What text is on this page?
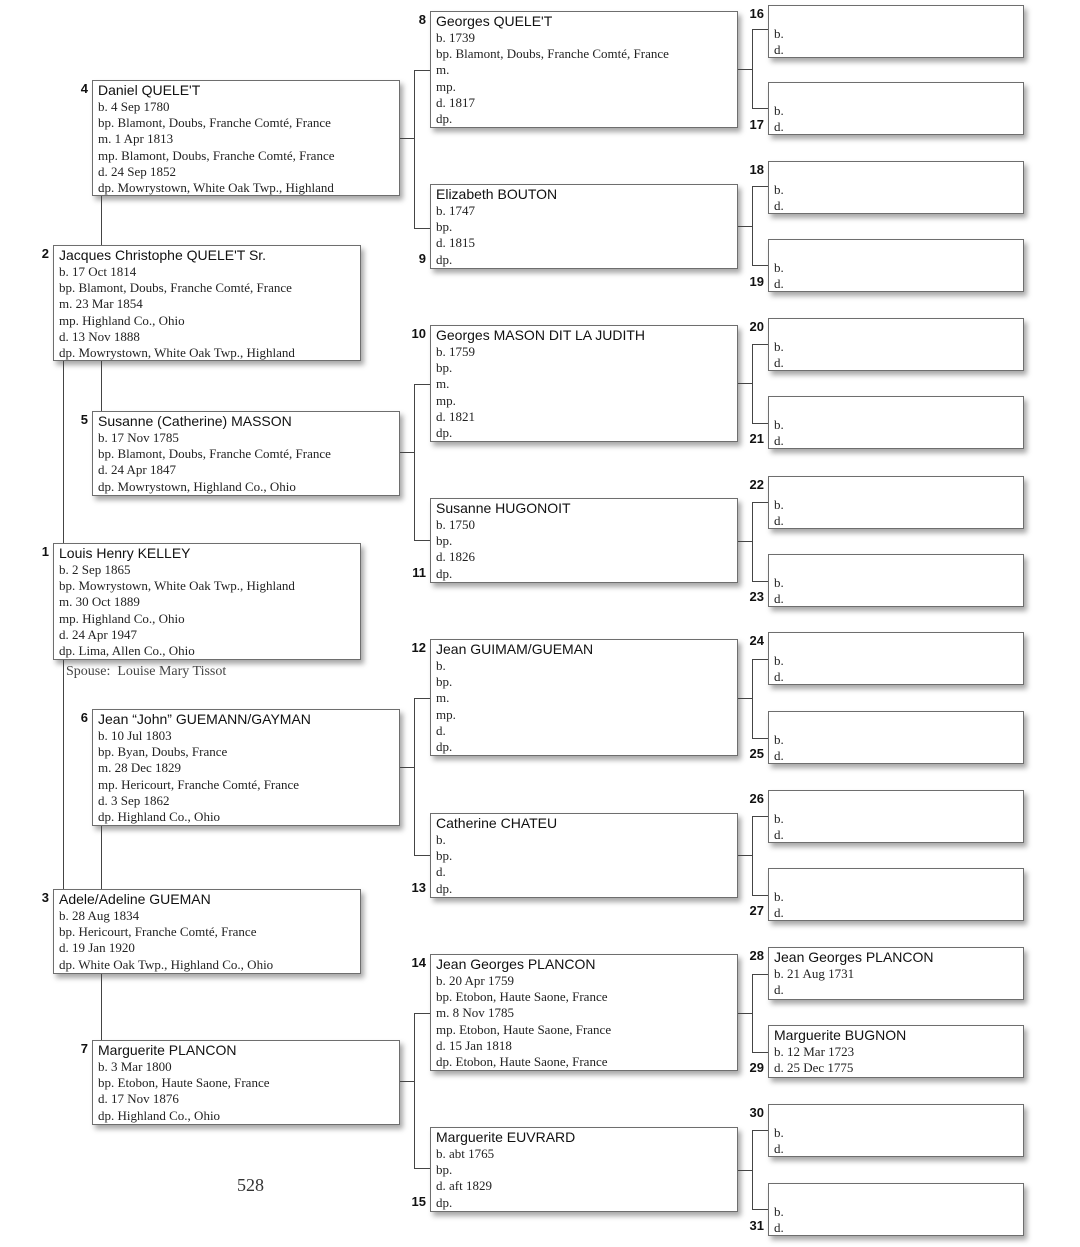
Louis Henry KELLEY
b. 2 Sep 1865
bp. Mowrystown, White Oak Twp., Highland
m. 30 Oct 1889
mp. Highland Co., Ohio
d. 24 Apr 1947
dp. Lima, Allen Co., Ohio
1
Jacques Christophe QUELE'T Sr.
b. 17 Oct 1814
bp. Blamont, Doubs, Franche Comté, France
m. 23 Mar 1854
mp. Highland Co., Ohio
d. 13 Nov 1888
dp. Mowrystown, White Oak Twp., Highland
2
Adele/Adeline GUEMAN
b. 28 Aug 1834
bp. Hericourt, Franche Comté, France
d. 19 Jan 1920
dp. White Oak Twp., Highland Co., Ohio
3
Daniel QUELE'T
b. 4 Sep 1780
bp. Blamont, Doubs, Franche Comté, France
m. 1 Apr 1813
mp. Blamont, Doubs, Franche Comté, France
d. 24 Sep 1852
dp. Mowrystown, White Oak Twp., Highland
4
Susanne (Catherine) MASSON
b. 17 Nov 1785
bp. Blamont, Doubs, Franche Comté, France
d. 24 Apr 1847
dp. Mowrystown, Highland Co., Ohio
5
Jean “John” GUEMANN/GAYMAN
b. 10 Jul 1803
bp. Byan, Doubs, France
m. 28 Dec 1829
mp. Hericourt, Franche Comté, France
d. 3 Sep 1862
dp. Highland Co., Ohio
6
Marguerite PLANCON
b. 3 Mar 1800
bp. Etobon, Haute Saone, France
d. 17 Nov 1876
dp. Highland Co., Ohio
7
Georges QUELE'T
b. 1739
bp. Blamont, Doubs, Franche Comté, France
m.
mp.
d. 1817
dp.
8
Elizabeth BOUTON
b. 1747
bp.
d. 1815
dp.
9
Georges MASON DIT LA JUDITH
b. 1759
bp.
m.
mp.
d. 1821
dp.
10
Susanne HUGONOIT
b. 1750
bp.
d. 1826
dp.
11
Jean GUIMAM/GUEMAN
b.
bp.
m.
mp.
d.
dp.
12
Catherine CHATEU
b.
bp.
d.
dp.
13
Jean Georges PLANCON
b. 20 Apr 1759
bp. Etobon, Haute Saone, France
m. 8 Nov 1785
mp. Etobon, Haute Saone, France
d. 15 Jan 1818
dp. Etobon, Haute Saone, France
14
Marguerite EUVRARD
b. abt 1765
bp.
d. aft 1829
dp.
15

b.
d.
16

b.
d.
17

b.
d.
18

b.
d.
19

b.
d.
20

b.
d.
21

b.
d.
22

b.
d.
23

b.
d.
24

b.
d.
25

b.
d.
26

b.
d.
27
Jean Georges PLANCON
b. 21 Aug 1731
d.
28
Marguerite BUGNON
b. 12 Mar 1723
d. 25 Dec 1775
29

b.
d.
30

b.
d.
31
Spouse: Louise Mary Tissot
528
